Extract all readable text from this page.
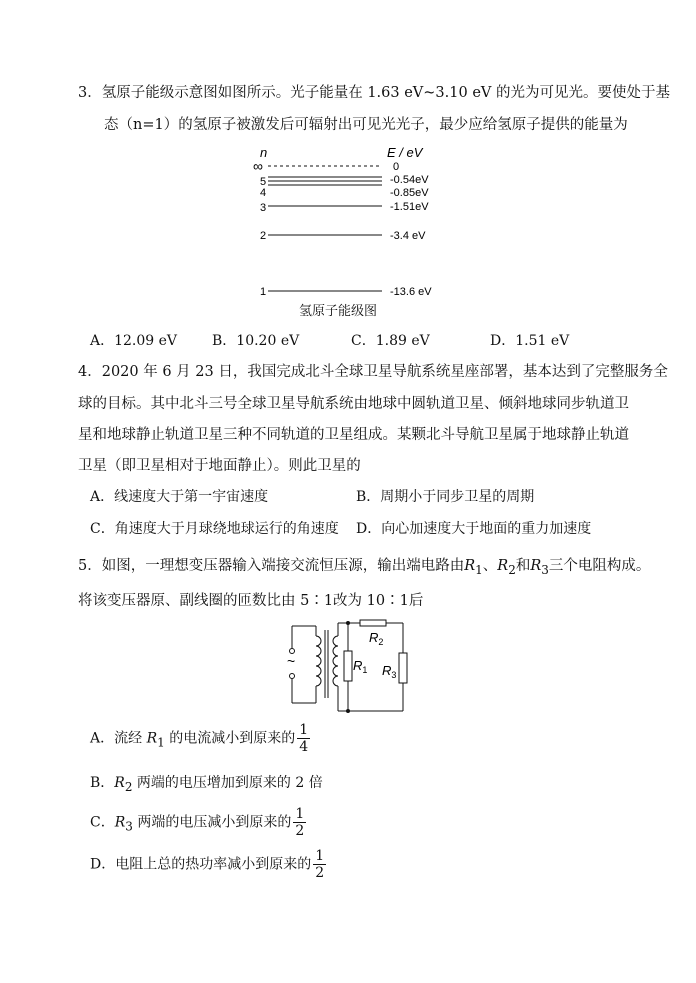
3．氢原子能级示意图如图所示。光子能量在 1.63 eV~3.10 eV 的光为可见光。要使处于基
态（n=1）的氢原子被激发后可辐射出可见光光子，最少应给氢原子提供的能量为
n	E / eV
∞	0
5	-0.54eV
4	-0.85eV
3	-1.51eV
2	-3.4 eV
1	-13.6 eV
氢原子能级图
A．12.09 eV B．10.20 eV	C．1.89 eV	D．1.51 eV
4．2020 年 6 月 23 日，我国完成北斗全球卫星导航系统星座部署，基本达到了完整服务全
球的目标。其中北斗三号全球卫星导航系统由地球中圆轨道卫星、倾斜地球同步轨道卫
星和地球静止轨道卫星三种不同轨道的卫星组成。某颗北斗导航卫星属于地球静止轨道
卫星（即卫星相对于地面静止）。则此卫星的
A．线速度大于第一宇宙速度	B．周期小于同步卫星的周期
C．角速度大于月球绕地球运行的角速度 D．向心加速度大于地面的重力加速度
5．如图，一理想变压器输入端接交流恒压源，输出端电路由$R_1$、$R_2$和$R_3$三个电阻构成。
将该变压器原、副线圈的匝数比由 5∶1改为 10∶1后
~
$R_2$
$R_1$ $R_3$
A．流经 $R_1$ 的电流减小到原来的 $\frac{1}{4}$
B．$R_2$ 两端的电压增加到原来的 2 倍
C．$R_3$ 两端的电压减小到原来的 $\frac{1}{2}$
D．电阻上总的热功率减小到原来的 $\frac{1}{2}$
